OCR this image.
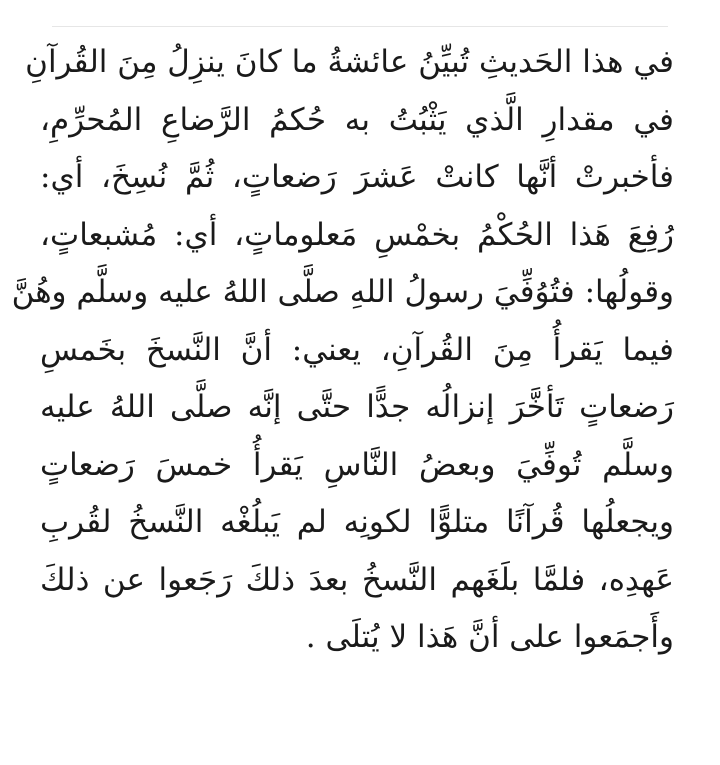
في هذا الحَديثِ تُبيِّنُ عائشةُ ما كانَ ينزِلُ مِنَ القُرآنِ
في مقدارِ الَّذي يَثْبُتُ به حُكمُ الرَّضاعِ المُحرِّمِ،
فأخبرتْ أنَّها كانتْ عَشرَ رَضعاتٍ، ثُمَّ نُسِخَ، أي:
رُفِعَ هَذا الحُكْمُ بخمْسِ مَعلوماتٍ، أي: مُشبعاتٍ،
وقولُها: فتُوُفِّيَ رسولُ اللهِ صلَّى اللهُ عليه وسلَّم وهُنَّ
فيما يَقرأُ مِنَ القُرآنِ، يعني: أنَّ النَّسخَ بخَمسِ
رَضعاتٍ تَأخَّرَ إنزالُه جدًّا حتَّى إنَّه صلَّى اللهُ عليه
وسلَّم تُوفِّيَ وبعضُ النَّاسِ يَقرأُ خمسَ رَضعاتٍ
ويجعلُها قُرآنًا متلوًّا لكونِه لم يَبلُغْه النَّسخُ لقُربِ
عَهدِه، فلمَّا بلَغَهم النَّسخُ بعدَ ذلكَ رَجَعوا عن ذلكَ
وأَجمَعوا على أنَّ هَذا لا يُتلَى .
